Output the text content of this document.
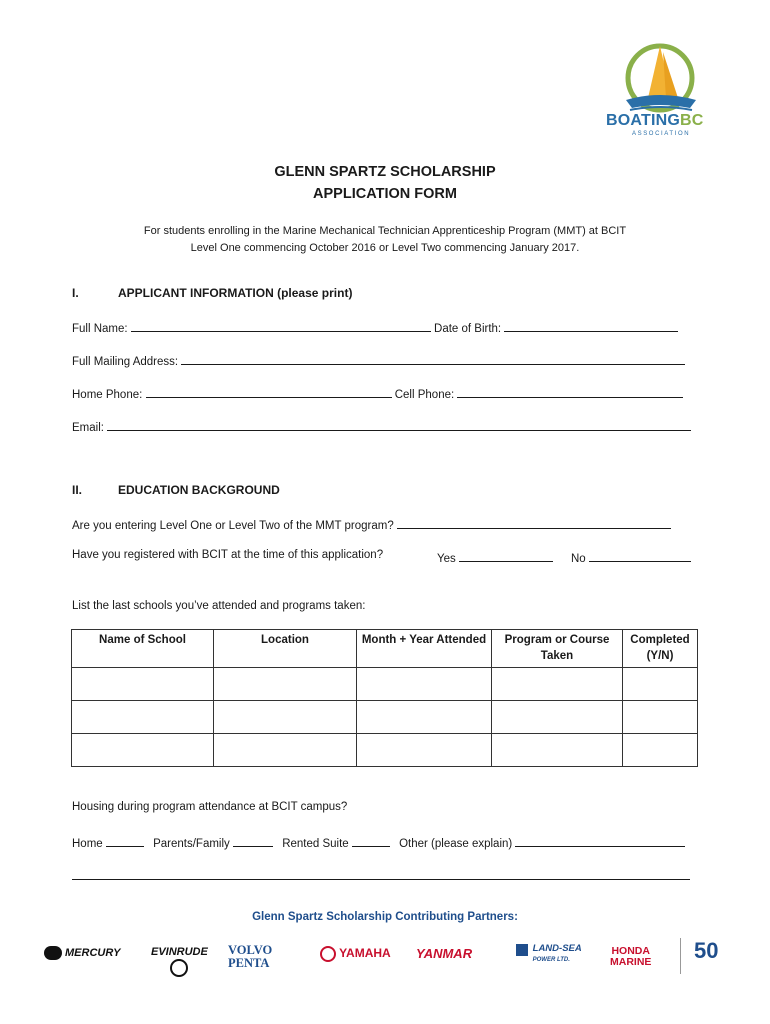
BOATINGBC
ASSOCIATION
GLENN SPARTZ SCHOLARSHIP
APPLICATION FORM
For students enrolling in the Marine Mechanical Technician Apprenticeship Program (MMT) at BCIT
Level One commencing October 2016 or Level Two commencing January 2017.
I.	APPLICANT INFORMATION (please print)
Full Name:	Date of Birth:
Full Mailing Address:
Home Phone:	Cell Phone:
Email:
II.	EDUCATION BACKGROUND
Are you entering Level One or Level Two of the MMT program?
Have you registered with BCIT at the time of this application?	Yes	No
List the last schools you’ve attended and programs taken:
Name of School	Location	Month + Year Attended	Program or Course Taken	Completed (Y/N)

Housing during program attendance at BCIT campus?
Home	Parents/Family	Rented Suite	Other (please explain)
Glenn Spartz Scholarship Contributing Partners:
MERCURY	EVINRUDE VOLVO
PENTA
YAMAHA YANMAR	LAND-SEA
POWER LTD.
HONDA
MARINE 50
